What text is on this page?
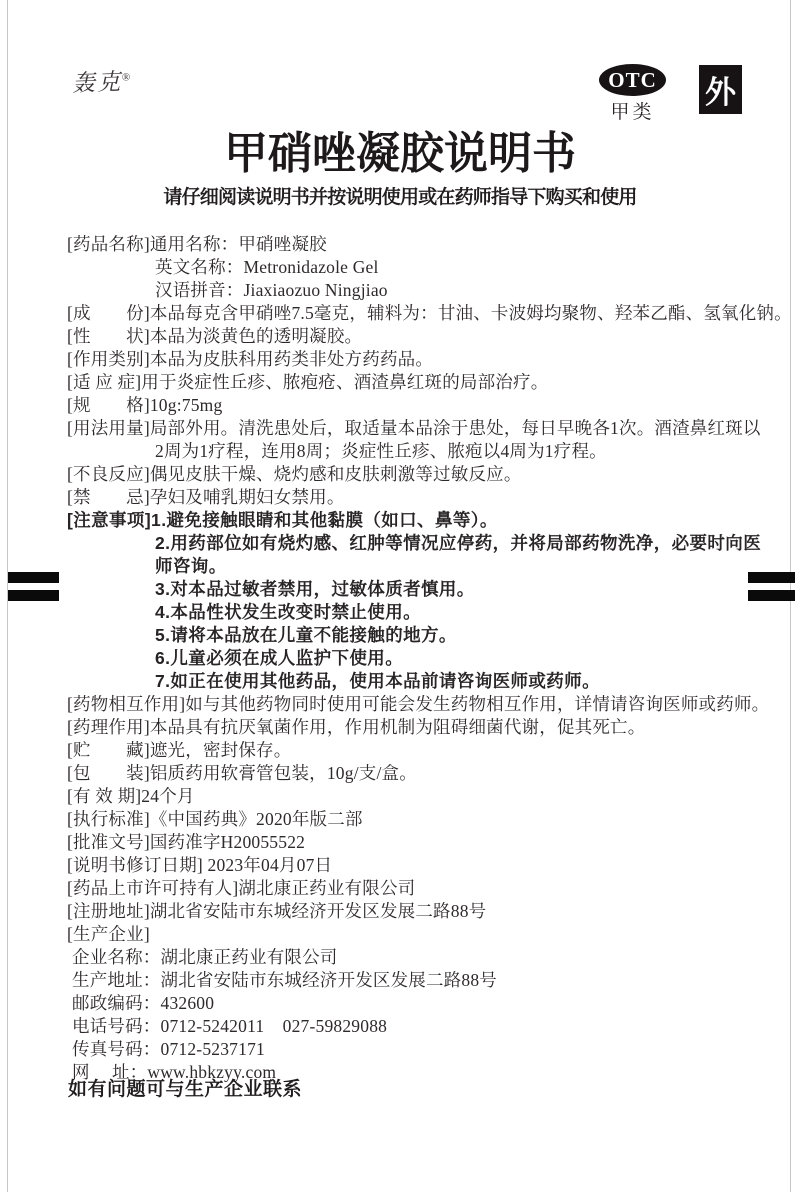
轰克®	OTC
甲类
外
甲硝唑凝胶说明书
请仔细阅读说明书并按说明使用或在药师指导下购买和使用
[药品名称]通用名称：甲硝唑凝胶
英文名称：Metronidazole Gel
汉语拼音：Jiaxiaozuo Ningjiao
[成　　份]本品每克含甲硝唑7.5毫克，辅料为：甘油、卡波姆均聚物、羟苯乙酯、氢氧化钠。
[性　　状]本品为淡黄色的透明凝胶。
[作用类别]本品为皮肤科用药类非处方药药品。
[适 应 症]用于炎症性丘疹、脓疱疮、酒渣鼻红斑的局部治疗。
[规　　格]10g:75mg
[用法用量]局部外用。清洗患处后，取适量本品涂于患处，每日早晚各1次。酒渣鼻红斑以
2周为1疗程，连用8周；炎症性丘疹、脓疱以4周为1疗程。
[不良反应]偶见皮肤干燥、烧灼感和皮肤刺激等过敏反应。
[禁　　忌]孕妇及哺乳期妇女禁用。
[注意事项]1.避免接触眼睛和其他黏膜（如口、鼻等）。
2.用药部位如有烧灼感、红肿等情况应停药，并将局部药物洗净，必要时向医
师咨询。
3.对本品过敏者禁用，过敏体质者慎用。
4.本品性状发生改变时禁止使用。
5.请将本品放在儿童不能接触的地方。
6.儿童必须在成人监护下使用。
7.如正在使用其他药品，使用本品前请咨询医师或药师。
[药物相互作用]如与其他药物同时使用可能会发生药物相互作用，详情请咨询医师或药师。
[药理作用]本品具有抗厌氧菌作用，作用机制为阻碍细菌代谢，促其死亡。
[贮　　藏]遮光，密封保存。
[包　　装]铝质药用软膏管包装，10g/支/盒。
[有 效 期]24个月
[执行标准]《中国药典》2020年版二部
[批准文号]国药准字H20055522
[说明书修订日期] 2023年04月07日
[药品上市许可持有人]湖北康正药业有限公司
[注册地址]湖北省安陆市东城经济开发区发展二路88号
[生产企业]
企业名称：湖北康正药业有限公司
生产地址：湖北省安陆市东城经济开发区发展二路88号
邮政编码：432600
电话号码：0712-5242011    027-59829088
传真号码：0712-5237171
网　 址：www.hbkzyy.com
如有问题可与生产企业联系
